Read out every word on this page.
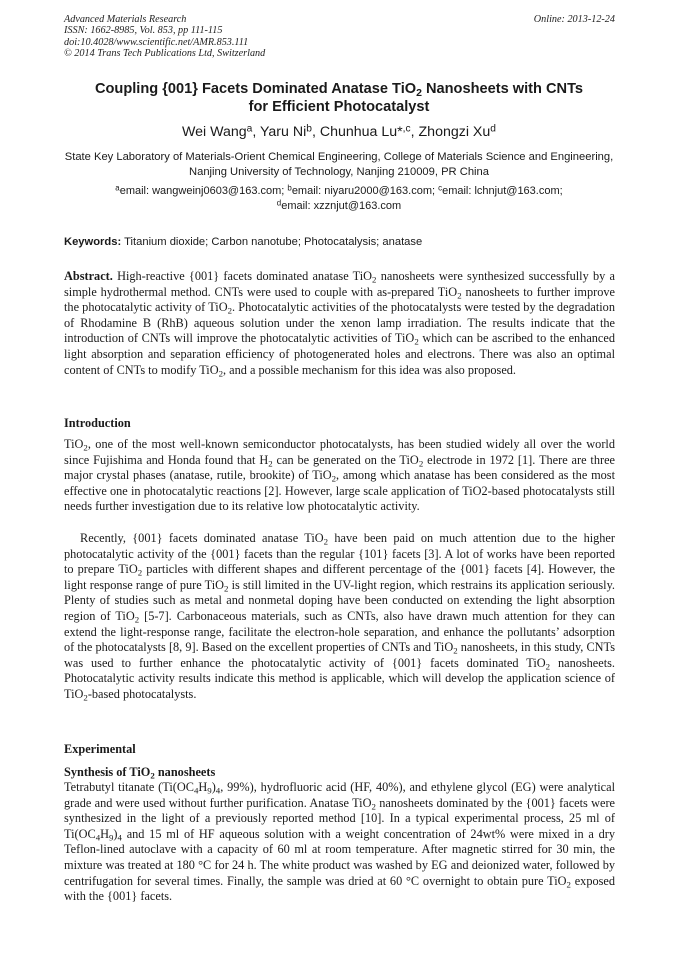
Advanced Materials Research
ISSN: 1662-8985, Vol. 853, pp 111-115
doi:10.4028/www.scientific.net/AMR.853.111
© 2014 Trans Tech Publications Ltd, Switzerland
Online: 2013-12-24
Coupling {001} Facets Dominated Anatase TiO$_2$ Nanosheets with CNTs
for Efficient Photocatalyst
Wei Wang$^a$, Yaru Ni$^b$, Chunhua Lu*$^{,c}$, Zhongzi Xu$^d$
State Key Laboratory of Materials-Orient Chemical Engineering, College of Materials Science and Engineering, Nanjing University of Technology, Nanjing 210009, PR China
$^a$email: wangweinj0603@163.com; $^b$email: niyaru2000@163.com; $^c$email: lchnjut@163.com;
$^d$email: xzznjut@163.com
Keywords: Titanium dioxide; Carbon nanotube; Photocatalysis; anatase
Abstract. High-reactive {001} facets dominated anatase TiO$_2$ nanosheets were synthesized successfully by a simple hydrothermal method. CNTs were used to couple with as-prepared TiO$_2$ nanosheets to further improve the photocatalytic activity of TiO$_2$. Photocatalytic activities of the photocatalysts were tested by the degradation of Rhodamine B (RhB) aqueous solution under the xenon lamp irradiation. The results indicate that the introduction of CNTs will improve the photocatalytic activities of TiO$_2$ which can be ascribed to the enhanced light absorption and separation efficiency of photogenerated holes and electrons. There was also an optimal content of CNTs to modify TiO$_2$, and a possible mechanism for this idea was also proposed.
Introduction
TiO$_2$, one of the most well-known semiconductor photocatalysts, has been studied widely all over the world since Fujishima and Honda found that $H_2$ can be generated on the TiO$_2$ electrode in 1972 [1]. There are three major crystal phases (anatase, rutile, brookite) of TiO$_2$, among which anatase has been considered as the most effective one in photocatalytic reactions [2]. However, large scale application of TiO2-based photocatalysts still needs further investigation due to its relative low photocatalytic activity.
Recently, {001} facets dominated anatase TiO$_2$ have been paid on much attention due to the higher photocatalytic activity of the {001} facets than the regular {101} facets [3]. A lot of works have been reported to prepare TiO$_2$ particles with different shapes and different percentage of the {001} facets [4]. However, the light response range of pure TiO$_2$ is still limited in the UV-light region, which restrains its application seriously. Plenty of studies such as metal and nonmetal doping have been conducted on extending the light absorption region of TiO$_2$ [5-7]. Carbonaceous materials, such as CNTs, also have drawn much attention for they can extend the light-response range, facilitate the electron-hole separation, and enhance the pollutants’ adsorption of the photocatalysts [8, 9]. Based on the excellent properties of CNTs and TiO$_2$ nanosheets, in this study, CNTs was used to further enhance the photocatalytic activity of {001} facets dominated TiO$_2$ nanosheets. Photocatalytic activity results indicate this method is applicable, which will develop the application science of TiO$_2$-based photocatalysts.
Experimental
Synthesis of TiO$_2$ nanosheets
Tetrabutyl titanate ($Ti(OC_4H_9)_4$, 99%), hydrofluoric acid (HF, 40%), and ethylene glycol (EG) were analytical grade and were used without further purification. Anatase TiO$_2$ nanosheets dominated by the {001} facets were synthesized in the light of a previously reported method [10]. In a typical experimental process, 25 ml of $Ti(OC_4H_9)_4$ and 15 ml of HF aqueous solution with a weight concentration of 24wt% were mixed in a dry Teflon-lined autoclave with a capacity of 60 ml at room temperature. After magnetic stirred for 30 min, the mixture was treated at 180 °C for 24 h. The white product was washed by EG and deionized water, followed by centrifugation for several times. Finally, the sample was dried at 60 °C overnight to obtain pure TiO$_2$ exposed with the {001} facets.
